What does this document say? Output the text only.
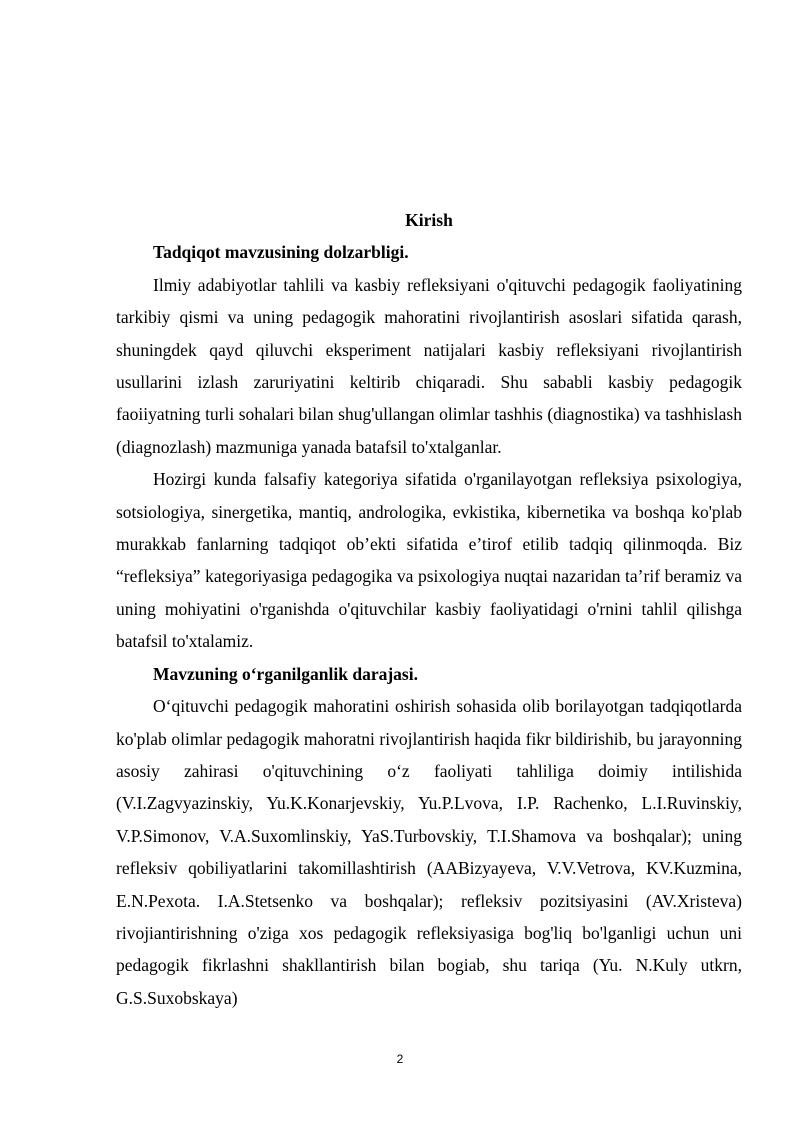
Kirish

Tadqiqot mavzusining dolzarbligi.

Ilmiy adabiyotlar tahlili va kasbiy refleksiyani o'qituvchi pedagogik faoliyatining tarkibiy qismi va uning pedagogik mahoratini rivojlantirish asoslari sifatida qarash, shuningdek qayd qiluvchi eksperiment natijalari kasbiy refleksiyani rivojlantirish usullarini izlash zaruriyatini keltirib chiqaradi. Shu sababli kasbiy pedagogik faoiiyatning turli sohalari bilan shug'ullangan olimlar tashhis (diagnostika) va tashhislash (diagnozlash) mazmuniga yanada batafsil to'xtalganlar.

Hozirgi kunda falsafiy kategoriya sifatida o'rganilayotgan refleksiya psixologiya, sotsiologiya, sinergetika, mantiq, andrologika, evkistika, kibernetika va boshqa ko'plab murakkab fanlarning tadqiqot ob’ekti sifatida e’tirof etilib tadqiq qilinmoqda. Biz “refleksiya” kategoriyasiga pedagogika va psixologiya nuqtai nazaridan ta’rif beramiz va uning mohiyatini o'rganishda o'qituvchilar kasbiy faoliyatidagi o'rnini tahlil qilishga batafsil to'xtalamiz.

Mavzuning o‘rganilganlik darajasi.

O‘qituvchi pedagogik mahoratini oshirish sohasida olib borilayotgan tadqiqotlarda ko'plab olimlar pedagogik mahoratni rivojlantirish haqida fikr bildirishib, bu jarayonning asosiy zahirasi o'qituvchining o‘z faoliyati tahliliga doimiy intilishida (V.I.Zagvyazinskiy, Yu.K.Konarjevskiy, Yu.P.Lvova, I.P. Rachenko, L.I.Ruvinskiy, V.P.Simonov, V.A.Suxomlinskiy, YaS.Turbovskiy, T.I.Shamova va boshqalar); uning refleksiv qobiliyatlarini takomillashtirish (AABizyayeva, V.V.Vetrova, KV.Kuzmina, E.N.Pexota. I.A.Stetsenko va boshqalar); refleksiv pozitsiyasini (AV.Xristeva) rivojiantirishning o'ziga xos pedagogik refleksiyasiga bog'liq bo'lganligi uchun uni pedagogik fikrlashni shakllantirish bilan bogiab, shu tariqa (Yu. N.Kuly utkrn, G.S.Suxobskaya)

2
